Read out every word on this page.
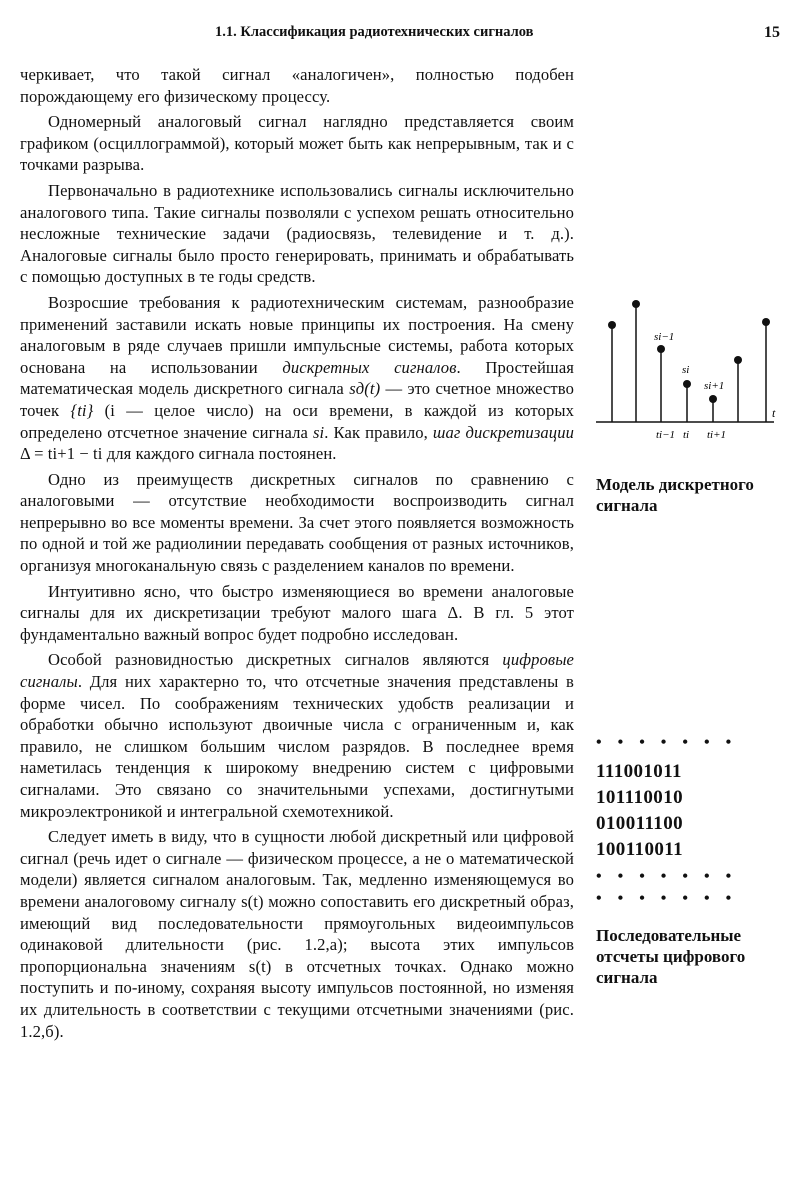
1.1. Классификация радиотехнических сигналов	15

черкивает, что такой сигнал «аналогичен», полностью подобен порождающему его физическому процессу.

Одномерный аналоговый сигнал наглядно представляется своим графиком (осциллограммой), который может быть как непрерывным, так и с точками разрыва.

Первоначально в радиотехнике использовались сигналы исключительно аналогового типа. Такие сигналы позволяли с успехом решать относительно несложные технические задачи (радиосвязь, телевидение и т. д.). Аналоговые сигналы было просто генерировать, принимать и обрабатывать с помощью доступных в те годы средств.

Возросшие требования к радиотехническим системам, разнообразие применений заставили искать новые принципы их построения. На смену аналоговым в ряде случаев пришли импульсные системы, работа которых основана на использовании дискретных сигналов. Простейшая математическая модель дискретного сигнала sд(t) — это счетное множество точек {ti} (i — целое число) на оси времени, в каждой из которых определено отсчетное значение сигнала si. Как правило, шаг дискретизации Δ = ti+1 − ti для каждого сигнала постоянен.

Одно из преимуществ дискретных сигналов по сравнению с аналоговыми — отсутствие необходимости воспроизводить сигнал непрерывно во все моменты времени. За счет этого появляется возможность по одной и той же радиолинии передавать сообщения от разных источников, организуя многоканальную связь с разделением каналов по времени.

Интуитивно ясно, что быстро изменяющиеся во времени аналоговые сигналы для их дискретизации требуют малого шага Δ. В гл. 5 этот фундаментально важный вопрос будет подробно исследован.

Особой разновидностью дискретных сигналов являются цифровые сигналы. Для них характерно то, что отсчетные значения представлены в форме чисел. По соображениям технических удобств реализации и обработки обычно используют двоичные числа с ограниченным и, как правило, не слишком большим числом разрядов. В последнее время наметилась тенденция к широкому внедрению систем с цифровыми сигналами. Это связано со значительными успехами, достигнутыми микроэлектроникой и интегральной схемотехникой.

Следует иметь в виду, что в сущности любой дискретный или цифровой сигнал (речь идет о сигнале — физическом процессе, а не о математической модели) является сигналом аналоговым. Так, медленно изменяющемуся во времени аналоговому сигналу s(t) можно сопоставить его дискретный образ, имеющий вид последовательности прямоугольных видеоимпульсов одинаковой длительности (рис. 1.2,а); высота этих импульсов пропорциональна значениям s(t) в отсчетных точках. Однако можно поступить и по-иному, сохраняя высоту импульсов постоянной, но изменяя их длительность в соответствии с текущими отсчетными значениями (рис. 1.2,б).

si−1
si
si+1
t
ti−1 ti ti+1

Модель дискретного сигнала

• • • • • • •
111001011
101110010
010011100
100110011
• • • • • • •
• • • • • • •

Последовательные отсчеты цифрового сигнала
